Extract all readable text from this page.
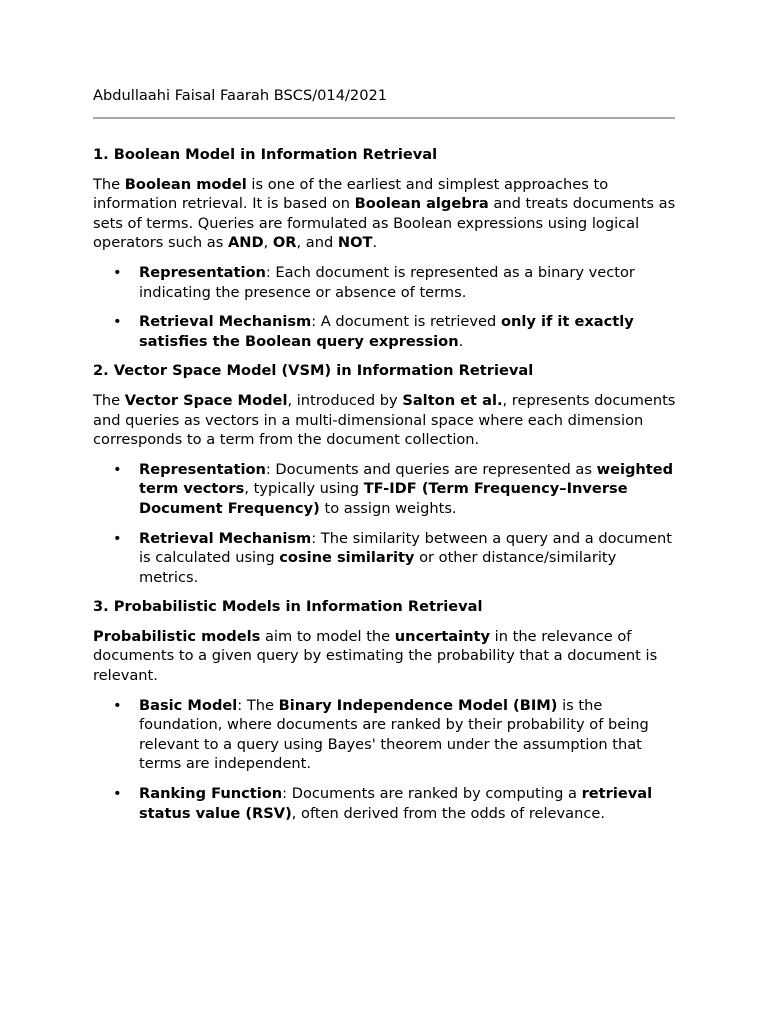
Abdullaahi Faisal Faarah BSCS/014/2021

1. Boolean Model in Information Retrieval

The Boolean model is one of the earliest and simplest approaches to information retrieval. It is based on Boolean algebra and treats documents as sets of terms. Queries are formulated as Boolean expressions using logical operators such as AND, OR, and NOT.

• Representation: Each document is represented as a binary vector indicating the presence or absence of terms.
• Retrieval Mechanism: A document is retrieved only if it exactly satisfies the Boolean query expression.

2. Vector Space Model (VSM) in Information Retrieval

The Vector Space Model, introduced by Salton et al., represents documents and queries as vectors in a multi-dimensional space where each dimension corresponds to a term from the document collection.

• Representation: Documents and queries are represented as weighted term vectors, typically using TF-IDF (Term Frequency–Inverse Document Frequency) to assign weights.
• Retrieval Mechanism: The similarity between a query and a document is calculated using cosine similarity or other distance/similarity metrics.

3. Probabilistic Models in Information Retrieval

Probabilistic models aim to model the uncertainty in the relevance of documents to a given query by estimating the probability that a document is relevant.

• Basic Model: The Binary Independence Model (BIM) is the foundation, where documents are ranked by their probability of being relevant to a query using Bayes' theorem under the assumption that terms are independent.
• Ranking Function: Documents are ranked by computing a retrieval status value (RSV), often derived from the odds of relevance.
